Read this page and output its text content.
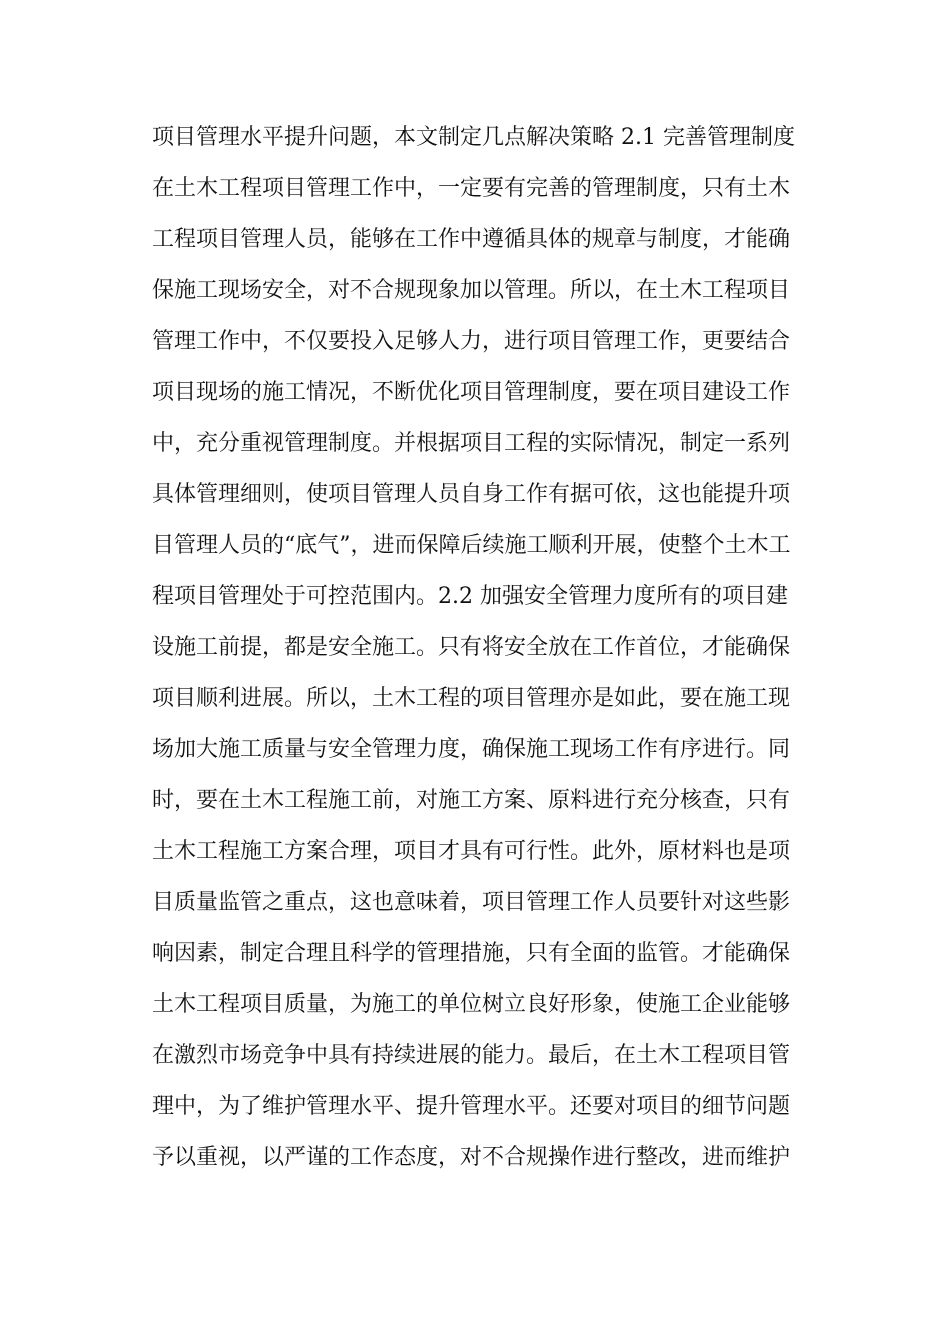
项目管理水平提升问题，本文制定几点解决策略 2.1 完善管理制度
在土木工程项目管理工作中，一定要有完善的管理制度，只有土木
工程项目管理人员，能够在工作中遵循具体的规章与制度，才能确
保施工现场安全，对不合规现象加以管理。所以，在土木工程项目
管理工作中，不仅要投入足够人力，进行项目管理工作，更要结合
项目现场的施工情况，不断优化项目管理制度，要在项目建设工作
中，充分重视管理制度。并根据项目工程的实际情况，制定一系列
具体管理细则，使项目管理人员自身工作有据可依，这也能提升项
目管理人员的“底气”，进而保障后续施工顺利开展，使整个土木工
程项目管理处于可控范围内。2.2 加强安全管理力度所有的项目建
设施工前提，都是安全施工。只有将安全放在工作首位，才能确保
项目顺利进展。所以，土木工程的项目管理亦是如此，要在施工现
场加大施工质量与安全管理力度，确保施工现场工作有序进行。同
时，要在土木工程施工前，对施工方案、原料进行充分核查，只有
土木工程施工方案合理，项目才具有可行性。此外，原材料也是项
目质量监管之重点，这也意味着，项目管理工作人员要针对这些影
响因素，制定合理且科学的管理措施，只有全面的监管。才能确保
土木工程项目质量，为施工的单位树立良好形象，使施工企业能够
在激烈市场竞争中具有持续进展的能力。最后，在土木工程项目管
理中，为了维护管理水平、提升管理水平。还要对项目的细节问题
予以重视，以严谨的工作态度，对不合规操作进行整改，进而维护
